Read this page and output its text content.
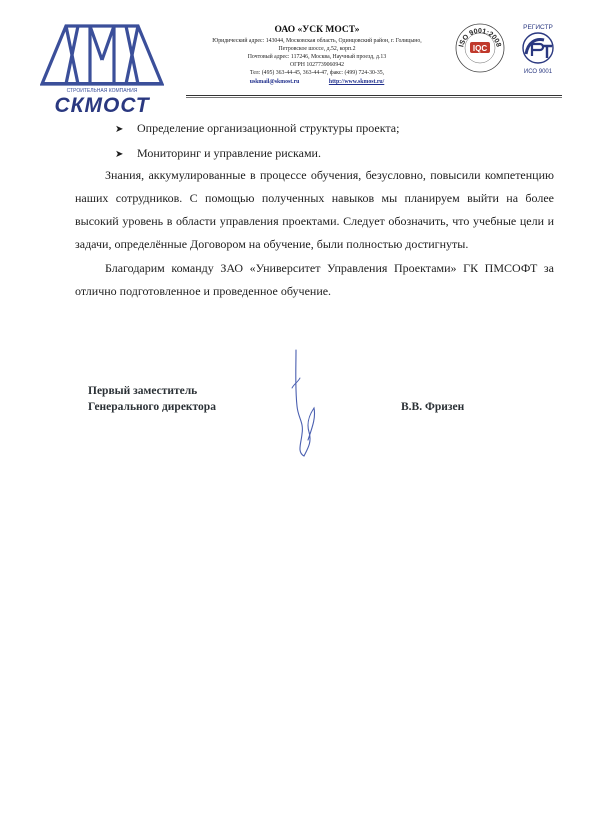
СТРОИТЕЛЬНАЯ КОМПАНИЯ
СКМОСТ
ОАО «УСК МОСТ»
Юридический адрес: 143044, Московская область, Одинцовский район, г. Голицыно,
Петровское шоссе, д.52, корп.2
Почтовый адрес: 117246, Москва, Научный проезд, д.13
ОГРН 1027739060942
Тел: (495) 363-44-45, 363-44-47, факс: (499) 724-30-35,
uskmail@skmost.ru	http://www.skmost.ru/
ISO 9001:2008
IQC
РЕГИСТР
ИСО 9001
➤ Определение организационной структуры проекта;
➤ Мониторинг и управление рисками.
Знания, аккумулированные в процессе обучения, безусловно, повысили компетенцию наших сотрудников. С помощью полученных навыков мы планируем выйти на более высокий уровень в области управления проектами. Следует обозначить, что учебные цели и задачи, определённые Договором на обучение, были полностью достигнуты.
Благодарим команду ЗАО «Университет Управления Проектами» ГК ПМСОФТ за отлично подготовленное и проведенное обучение.
Первый заместитель
Генерального директора	В.В. Фризен
